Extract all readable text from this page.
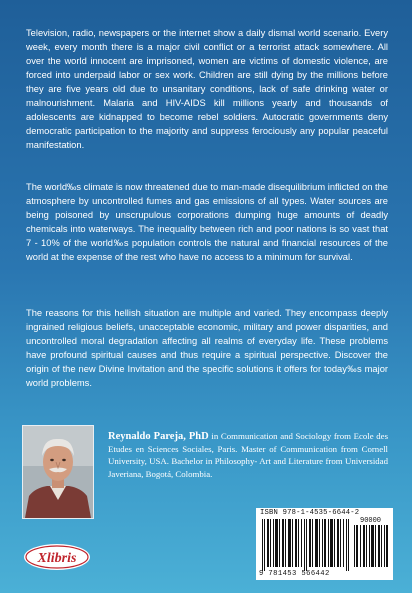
Television, radio, newspapers or the internet show a daily dismal world scenario. Every week, every month there is a major civil conflict or a terrorist attack somewhere. All over the world innocent are imprisoned, women are victims of domestic violence, are forced into underpaid labor or sex work. Children are still dying by the millions before they are five years old due to unsanitary conditions, lack of safe drinking water or malnourishment. Malaria and HIV-AIDS kill millions yearly and thousands of adolescents are kidnapped to become rebel soldiers. Autocratic governments deny democratic participation to the majority and suppress ferociously any popular peaceful manifestation.

The world‰s climate is now threatened due to man-made disequilibrium inflicted on the atmosphere by uncontrolled fumes and gas emissions of all types. Water sources are being poisoned by unscrupulous corporations dumping huge amounts of deadly chemicals into waterways. The inequality between rich and poor nations is so vast that 7 - 10% of the world‰s population controls the natural and financial resources of the world at the expense of the rest who have no access to a minimum for survival.

The reasons for this hellish situation are multiple and varied. They encompass deeply ingrained religious beliefs, unacceptable economic, military and power disparities, and uncontrolled moral degradation affecting all realms of everyday life. These problems have profound spiritual causes and thus require a spiritual perspective. Discover the origin of the new Divine Invitation and the specific solutions it offers for today‰s major world problems.

Reynaldo Pareja, PhD in Communication and Sociology from Ecole des Etudes en Sciences Sociales, Paris. Master of Communication from Cornell University, USA. Bachelor in Philosophy- Art and Literature from Universidad Javeriana, Bogotá, Colombia.

Xlibris
ISBN 978-1-4535-6644-2
90000
9 781453 566442
